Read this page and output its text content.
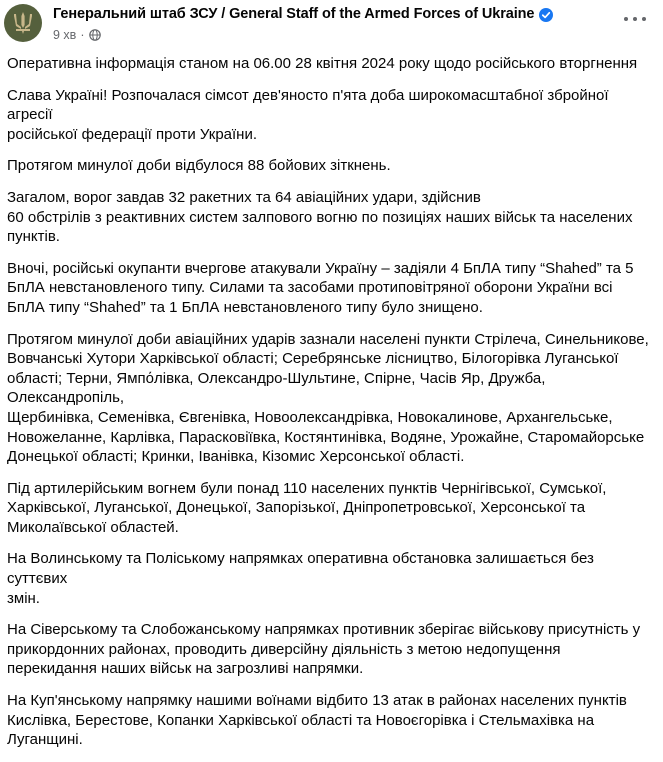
Генеральний штаб ЗСУ / General Staff of the Armed Forces of Ukraine
9 хв ·

Оперативна інформація станом на 06.00 28 квітня 2024 року щодо російського вторгнення

Слава Україні! Розпочалася сімсот дев'яносто п'ята доба широкомасштабної збройної агресії
російської федерації проти України.

Протягом минулої доби відбулося 88 бойових зіткнень.

Загалом, ворог завдав 32 ракетних та 64 авіаційних удари, здійснив
60 обстрілів з реактивних систем залпового вогню по позиціях наших військ та населених
пунктів.

Вночі, російські окупанти вчергове атакували Україну – задіяли 4 БпЛА типу “Shahed” та 5
БпЛА невстановленого типу. Силами та засобами протиповітряної оборони України всі
БпЛА типу “Shahed” та 1 БпЛА невстановленого типу було знищено.

Протягом минулої доби авіаційних ударів зазнали населені пункти Стрілеча, Синельникове,
Вовчанські Хутори Харківської області; Серебрянське лісництво, Білогорівка Луганської
області; Терни, Ямпόлівка, Олександро-Шультине, Спірне, Часів Яр, Дружба, Олександропіль,
Щербинівка, Семенівка, Євгенівка, Новоолександрівка, Новокалинове, Архангельське,
Новожеланне, Карлівка, Парасковіївка, Костянтинівка, Водяне, Урожайне, Старомайорське
Донецької області; Кринки, Іванівка, Кізомис Херсонської області.

Під артилерійським вогнем були понад 110 населених пунктів Чернігівської, Сумської,
Харківської, Луганської, Донецької, Запорізької, Дніпропетровської, Херсонської та
Миколаївської областей.

На Волинському та Поліському напрямках оперативна обстановка залишається без суттєвих
змін.

На Сіверському та Слобожанському напрямках противник зберігає військову присутність у
прикордонних районах, проводить диверсійну діяльність з метою недопущення
перекидання наших військ на загрозливі напрямки.

На Куп'янському напрямку нашими воїнами відбито 13 атак в районах населених пунктів
Кислівка, Берестове, Копанки Харківської області та Новоєгорівка і Стельмахівка на
Луганщині.
